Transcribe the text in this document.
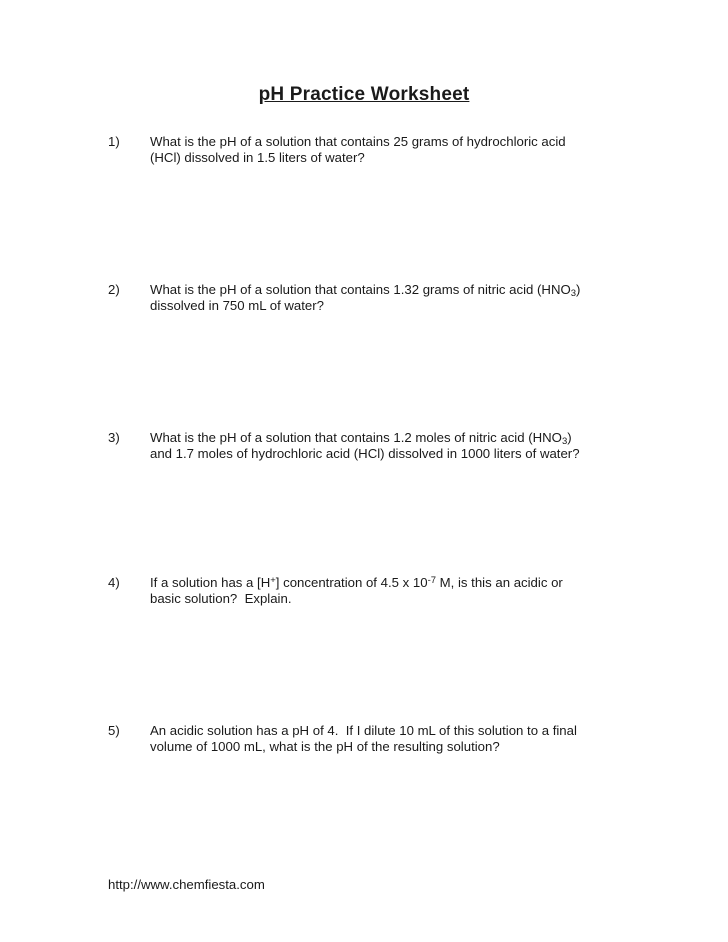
pH Practice Worksheet
1) What is the pH of a solution that contains 25 grams of hydrochloric acid
(HCl) dissolved in 1.5 liters of water?
2) What is the pH of a solution that contains 1.32 grams of nitric acid $(HNO_3)$
dissolved in 750 mL of water?
3) What is the pH of a solution that contains 1.2 moles of nitric acid $(HNO_3)$
and 1.7 moles of hydrochloric acid (HCl) dissolved in 1000 liters of water?
4) If a solution has a [H+] concentration of 4.5 x $10^{-7}$ M, is this an acidic or
basic solution?  Explain.
5) An acidic solution has a pH of 4.  If I dilute 10 mL of this solution to a final
volume of 1000 mL, what is the pH of the resulting solution?
http://www.chemfiesta.com
